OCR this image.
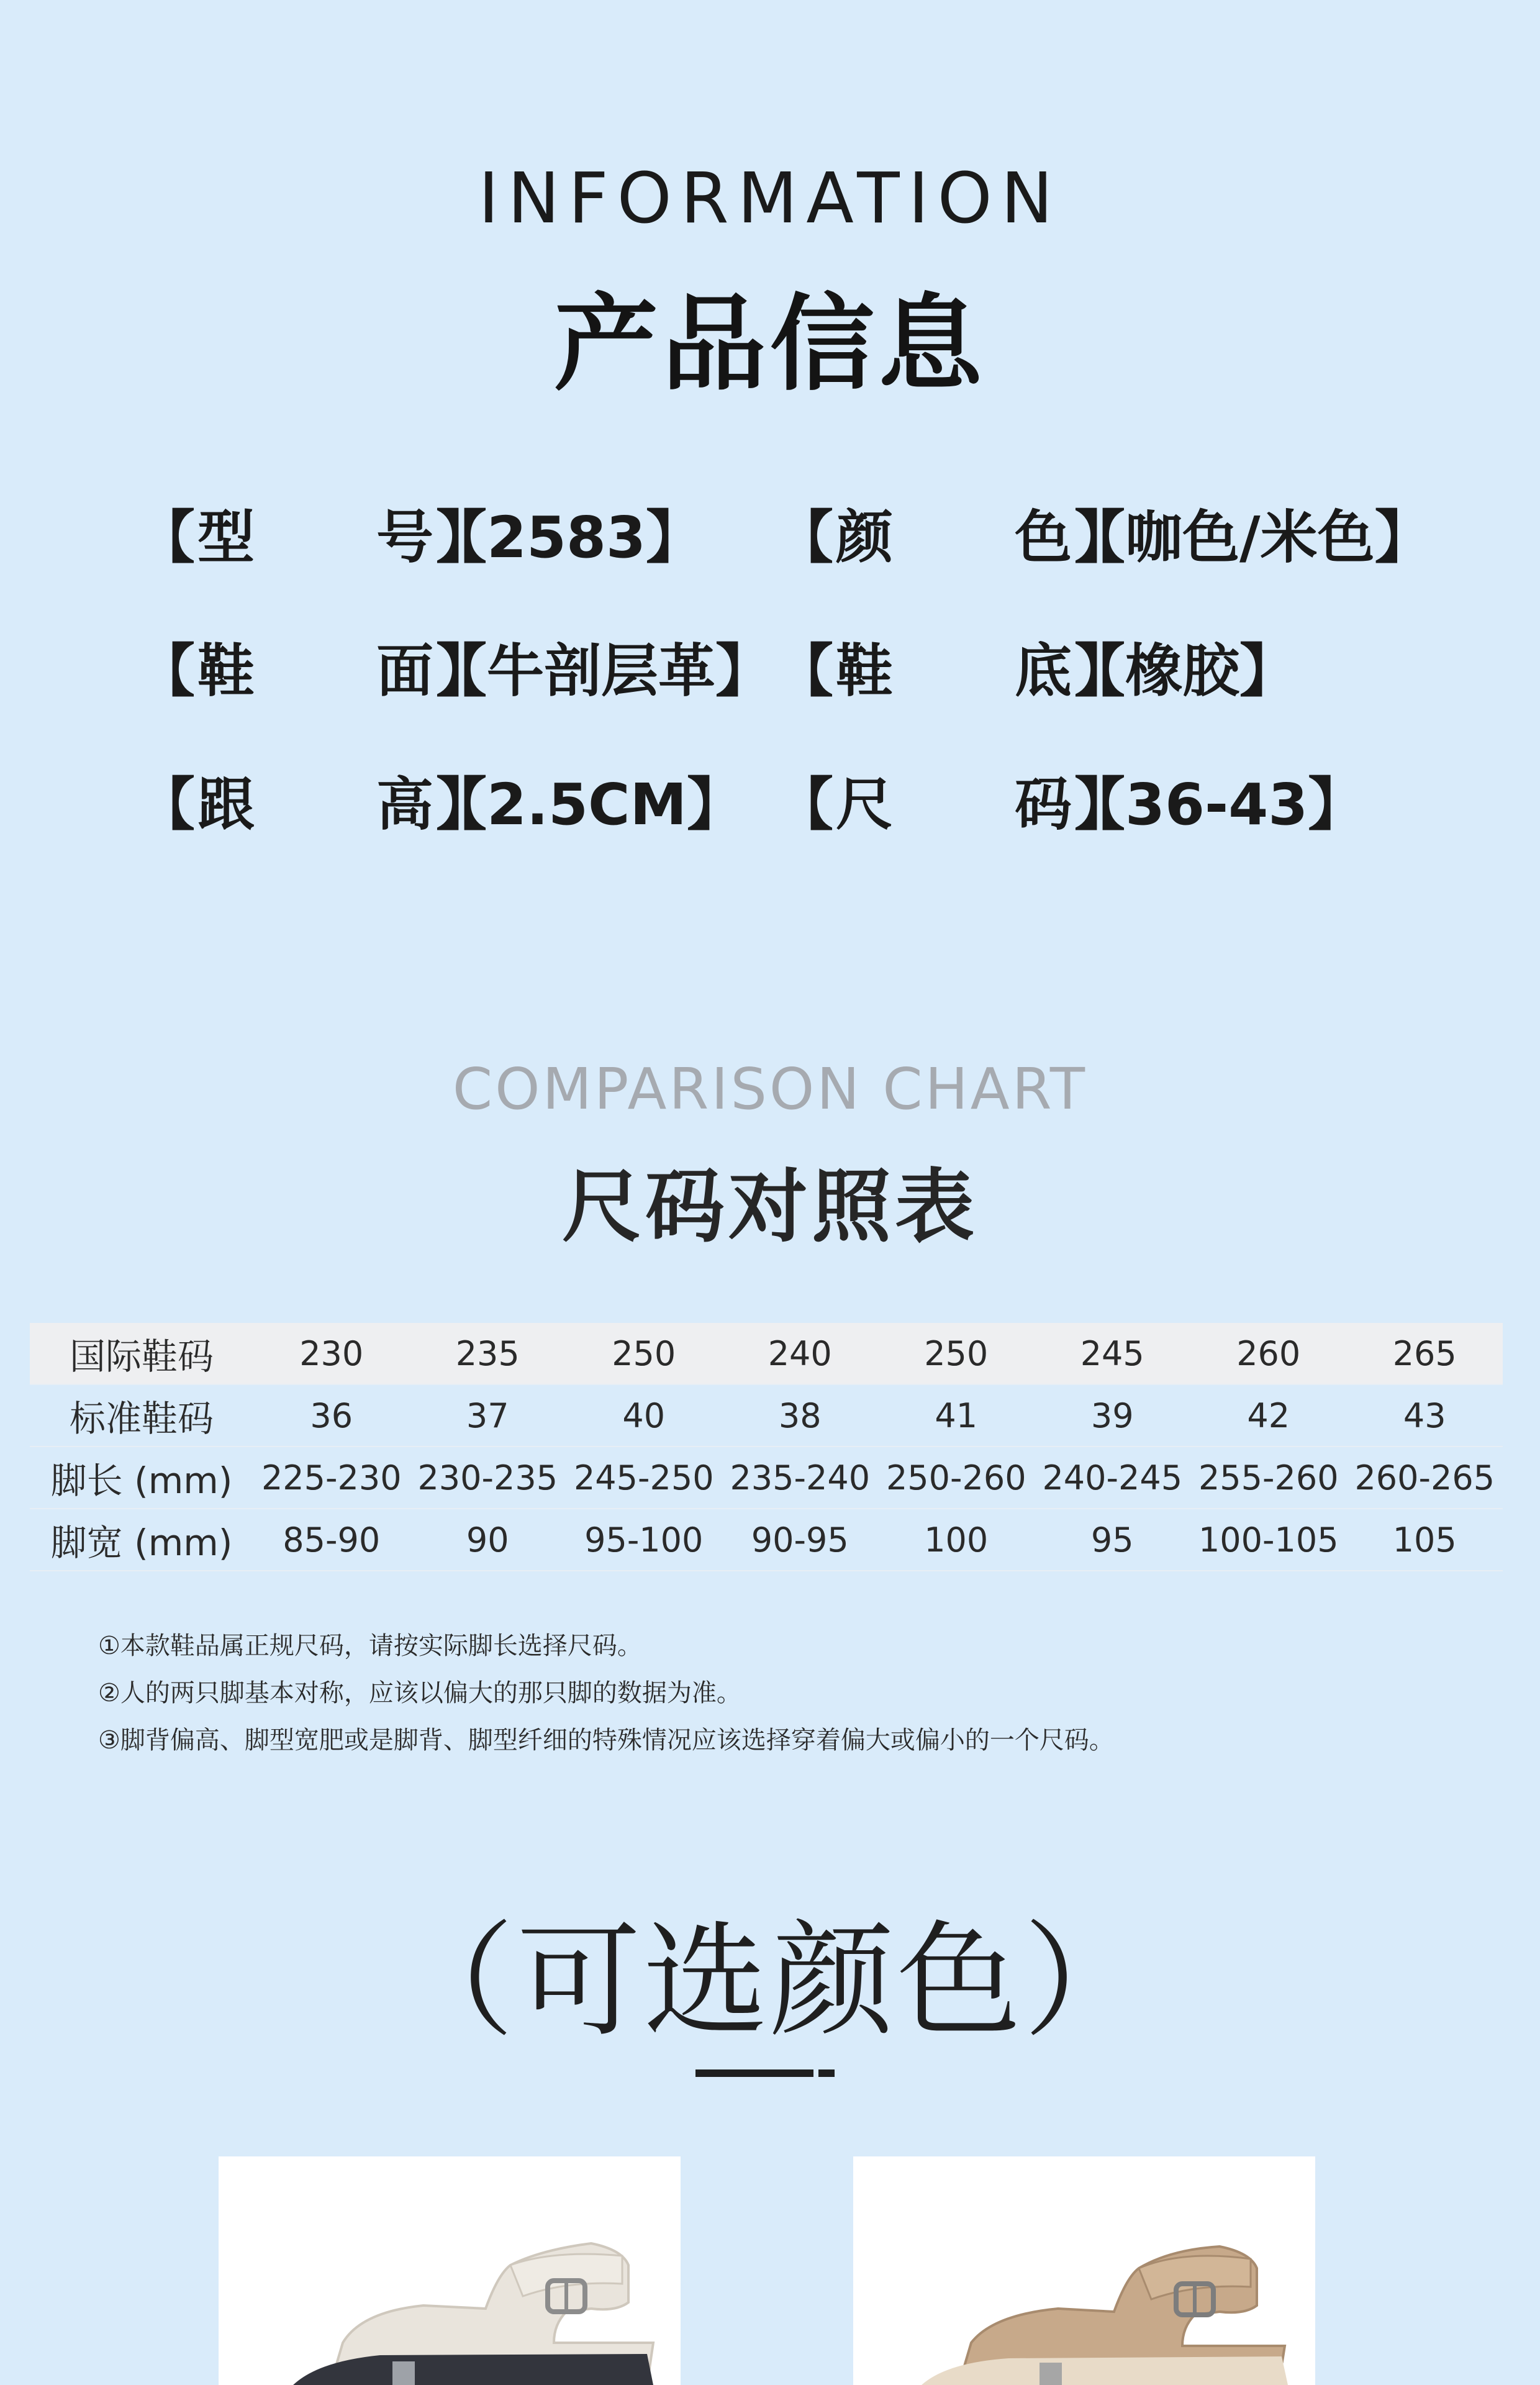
INFORMATION
产品信息
【型　　号】【2583】 【颜　　色】【咖色/米色】
【鞋　　面】【牛剖层革】 【鞋　　底】【橡胶】
【跟　　高】【2.5CM】 【尺　　码】【36-43】
COMPARISON CHART
尺码对照表
国际鞋码	230	235	250	240	250	245	260	265
标准鞋码	36	37	40	38	41	39	42	43
脚长 (mm)	225-230	230-235	245-250	235-240	250-260	240-245	255-260	260-265
脚宽 (mm)	85-90	90	95-100	90-95	100	95	100-105	105
①本款鞋品属正规尺码，请按实际脚长选择尺码。
②人的两只脚基本对称，应该以偏大的那只脚的数据为准。
③脚背偏高、脚型宽肥或是脚背、脚型纤细的特殊情况应该选择穿着偏大或偏小的一个尺码。
（可选颜色）
